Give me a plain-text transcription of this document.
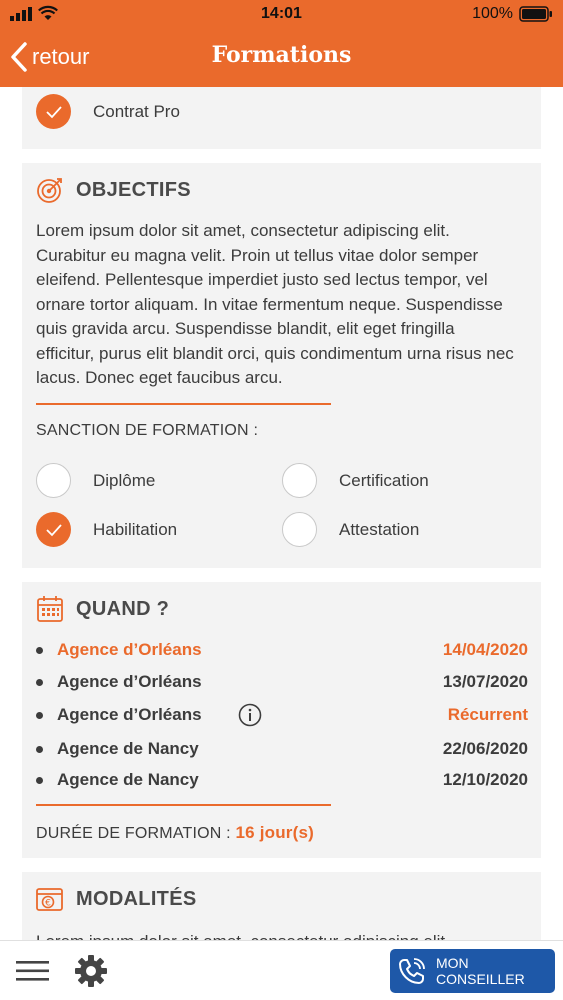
14:01	100%
retour	Formations
Contrat Pro
OBJECTIFS

Lorem ipsum dolor sit amet, consectetur adipiscing elit. Curabitur eu magna velit. Proin ut tellus vitae dolor semper eleifend. Pellentesque imperdiet justo sed lectus tempor, vel ornare tortor aliquam. In vitae fermentum neque. Suspendisse quis gravida arcu. Suspendisse blandit, elit eget fringilla efficitur, purus elit blandit orci, quis condimentum urna risus nec lacus. Donec eget faucibus arcu.

SANCTION DE FORMATION :
Diplôme	Certification
Habilitation	Attestation
QUAND ?
Agence d’Orléans	14/04/2020
Agence d’Orléans	13/07/2020
Agence d’Orléans	Récurrent
Agence de Nancy	22/06/2020
Agence de Nancy	12/10/2020
DURÉE DE FORMATION : 16 jour(s)
€ MODALITÉS

MON CONSEILLER
